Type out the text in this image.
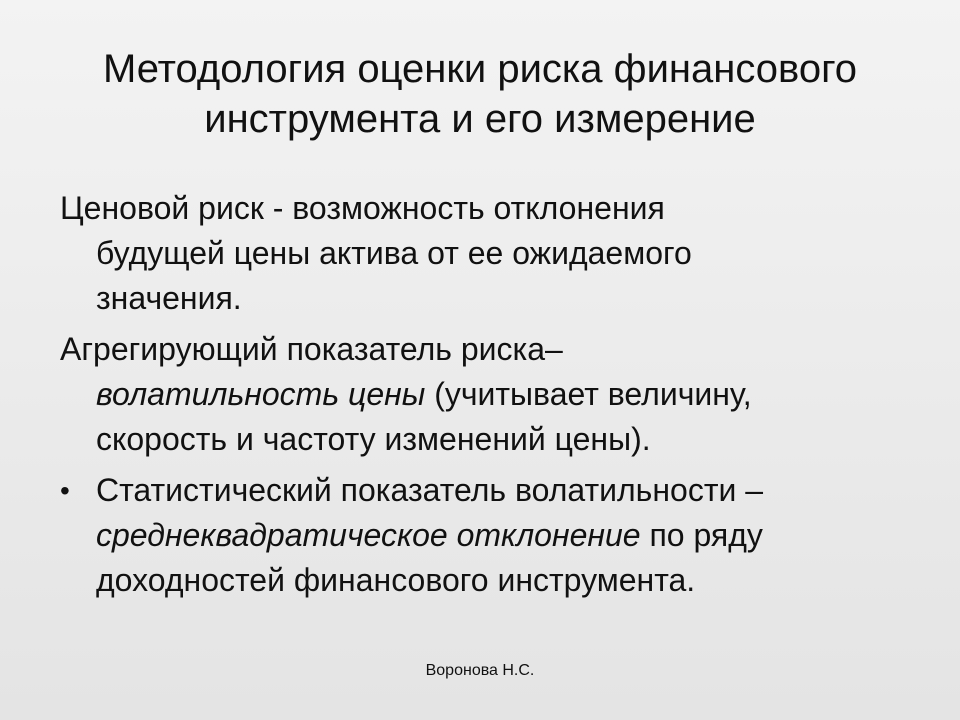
Методология оценки риска финансового
инструмента и его измерение
Ценовой риск - возможность отклонения
будущей цены актива от ее ожидаемого
значения.
Агрегирующий показатель риска–
волатильность цены (учитывает величину,
скорость и частоту изменений цены).
• Статистический показатель волатильности –
среднеквадратическое отклонение по ряду
доходностей финансового инструмента.
Воронова Н.С.
